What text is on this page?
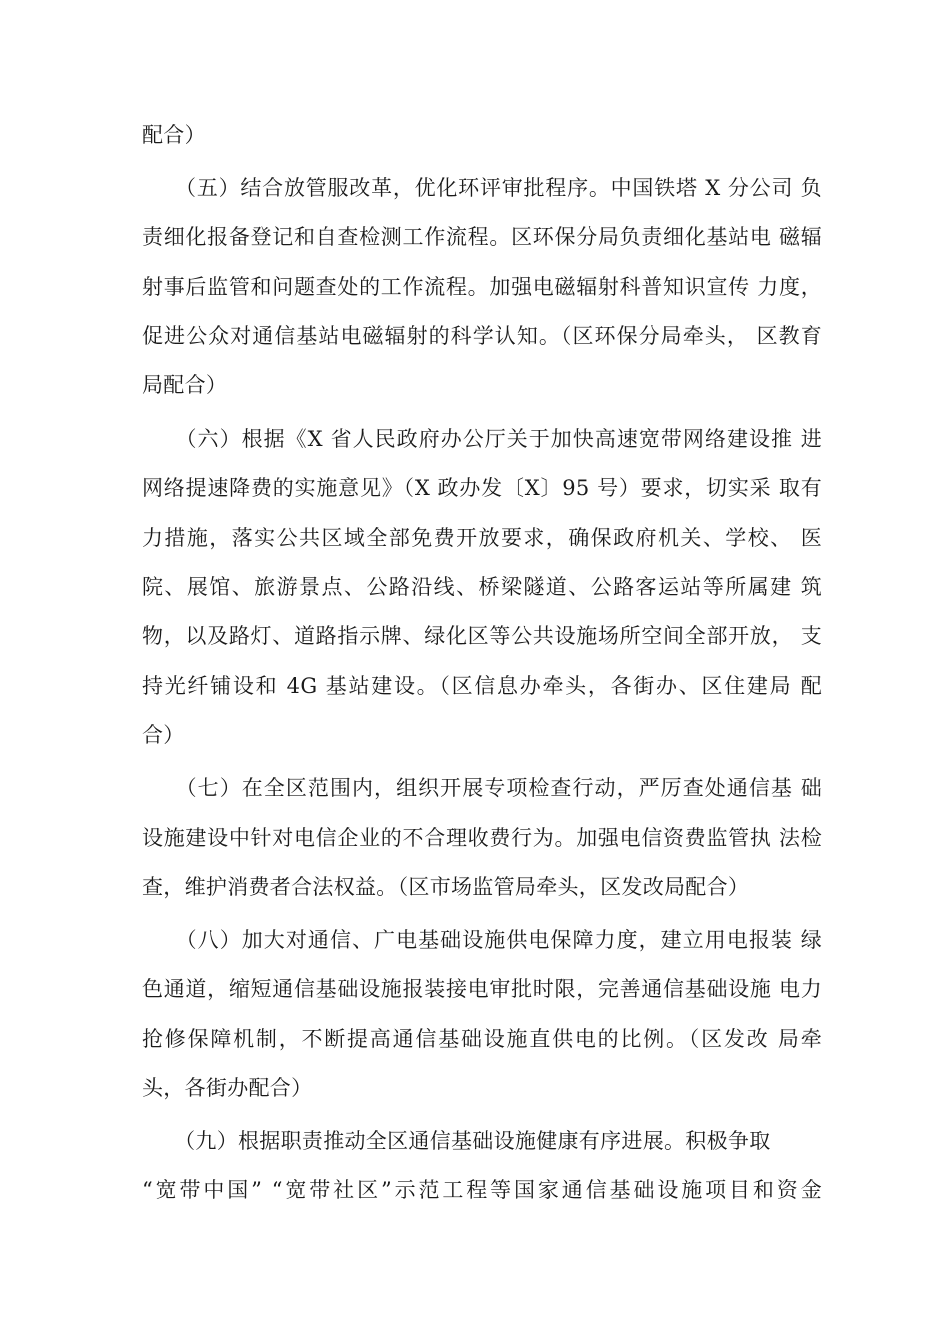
配合）
　　（五）结合放管服改革，优化环评审批程序。中国铁塔 X 分公司 负
责细化报备登记和自查检测工作流程。区环保分局负责细化基站电 磁辐
射事后监管和问题查处的工作流程。加强电磁辐射科普知识宣传 力度，
促进公众对通信基站电磁辐射的科学认知。（区环保分局牵头， 区教育
局配合）
　　（六）根据《X 省人民政府办公厅关于加快高速宽带网络建设推 进
网络提速降费的实施意见》（X 政办发〔X〕95 号）要求，切实采 取有
力措施，落实公共区域全部免费开放要求，确保政府机关、学校、 医
院、展馆、旅游景点、公路沿线、桥梁隧道、公路客运站等所属建 筑
物，以及路灯、道路指示牌、绿化区等公共设施场所空间全部开放， 支
持光纤铺设和 4G 基站建设。（区信息办牵头，各街办、区住建局 配
合）
　　（七）在全区范围内，组织开展专项检查行动，严厉查处通信基 础
设施建设中针对电信企业的不合理收费行为。加强电信资费监管执 法检
查，维护消费者合法权益。（区市场监管局牵头，区发改局配合）
　　（八）加大对通信、广电基础设施供电保障力度，建立用电报装 绿
色通道，缩短通信基础设施报装接电审批时限，完善通信基础设施 电力
抢修保障机制，不断提高通信基础设施直供电的比例。（区发改 局牵
头，各街办配合）
　　（九）根据职责推动全区通信基础设施健康有序进展。积极争取
“宽带中国” “宽带社区”示范工程等国家通信基础设施项目和资金
